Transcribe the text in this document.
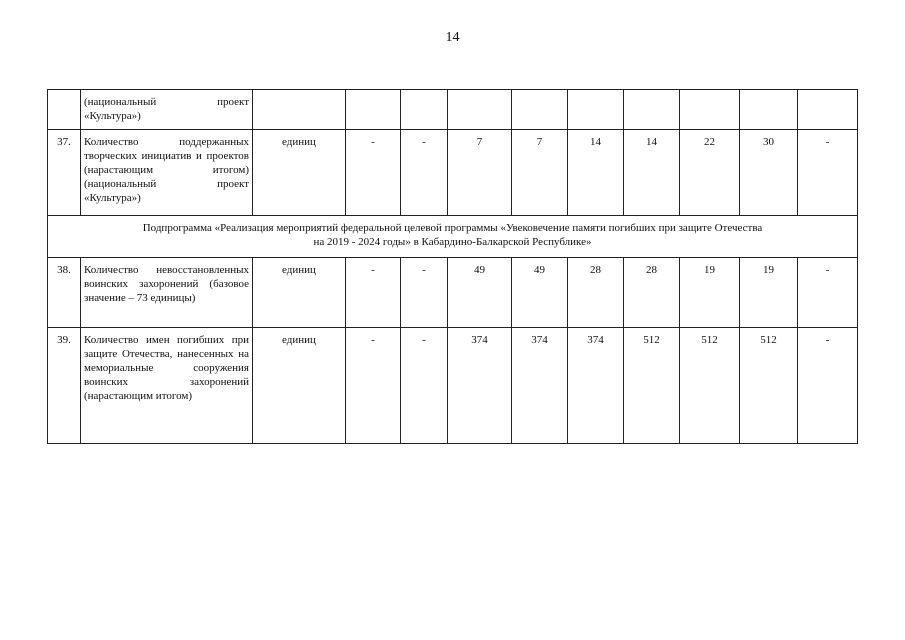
14
	(национальный проект «Культура»)										
37.	Количество поддержанных творческих инициатив и проектов (нарастающим итогом) (национальный проект «Культура»)	единиц	-	-	7	7	14	14	22	30	-
Подпрограмма «Реализация мероприятий федеральной целевой программы «Увековечение памяти погибших при защите Отечества
на 2019 - 2024 годы» в Кабардино-Балкарской Республике»											
38.	Количество невосстановленных воинских захоронений (базовое значение – 73 единицы)	единиц	-	-	49	49	28	28	19	19	-
39.	Количество имен погибших при защите Отечества, нанесенных на мемориальные сооружения воинских захоронений (нарастающим итогом)	единиц	-	-	374	374	374	512	512	512	-
